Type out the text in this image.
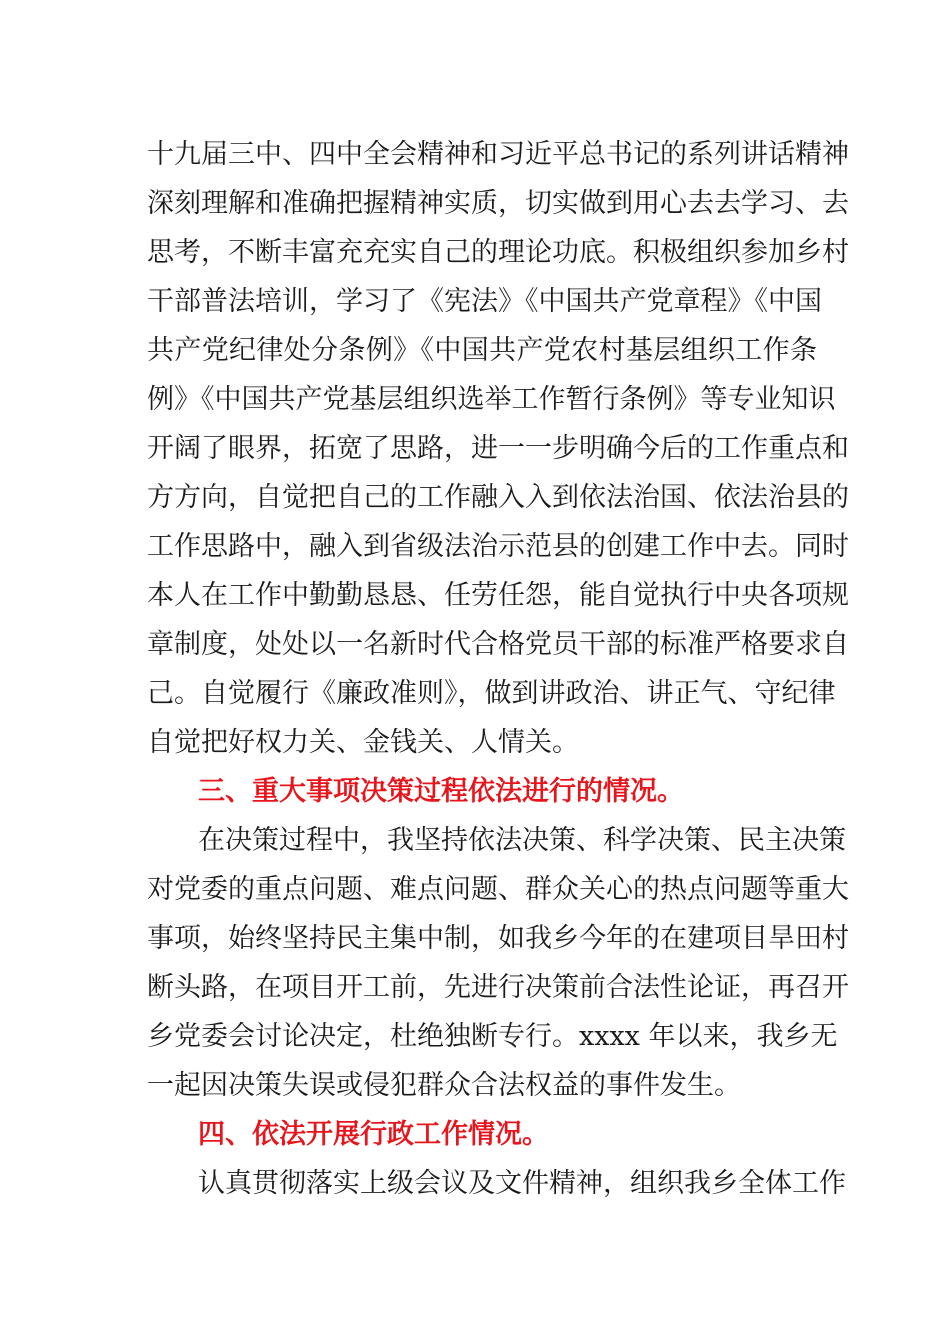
十九届三中、四中全会精神和习近平总书记的系列讲话精神
深刻理解和准确把握精神实质，切实做到用心去去学习、去
思考，不断丰富充充实自己的理论功底。积极组织参加乡村
干部普法培训，学习了《宪法》《中国共产党章程》《中国
共产党纪律处分条例》《中国共产党农村基层组织工作条
例》《中国共产党基层组织选举工作暂行条例》等专业知识
开阔了眼界，拓宽了思路，进一一步明确今后的工作重点和
方方向，自觉把自己的工作融入入到依法治国、依法治县的
工作思路中，融入到省级法治示范县的创建工作中去。同时
本人在工作中勤勤恳恳、任劳任怨，能自觉执行中央各项规
章制度，处处以一名新时代合格党员干部的标准严格要求自
己。自觉履行《廉政准则》，做到讲政治、讲正气、守纪律
自觉把好权力关、金钱关、人情关。
三、重大事项决策过程依法进行的情况。
在决策过程中，我坚持依法决策、科学决策、民主决策
对党委的重点问题、难点问题、群众关心的热点问题等重大
事项，始终坚持民主集中制，如我乡今年的在建项目旱田村
断头路，在项目开工前，先进行决策前合法性论证，再召开
乡党委会讨论决定，杜绝独断专行。xxxx 年以来，我乡无
一起因决策失误或侵犯群众合法权益的事件发生。
四、依法开展行政工作情况。
认真贯彻落实上级会议及文件精神，组织我乡全体工作
